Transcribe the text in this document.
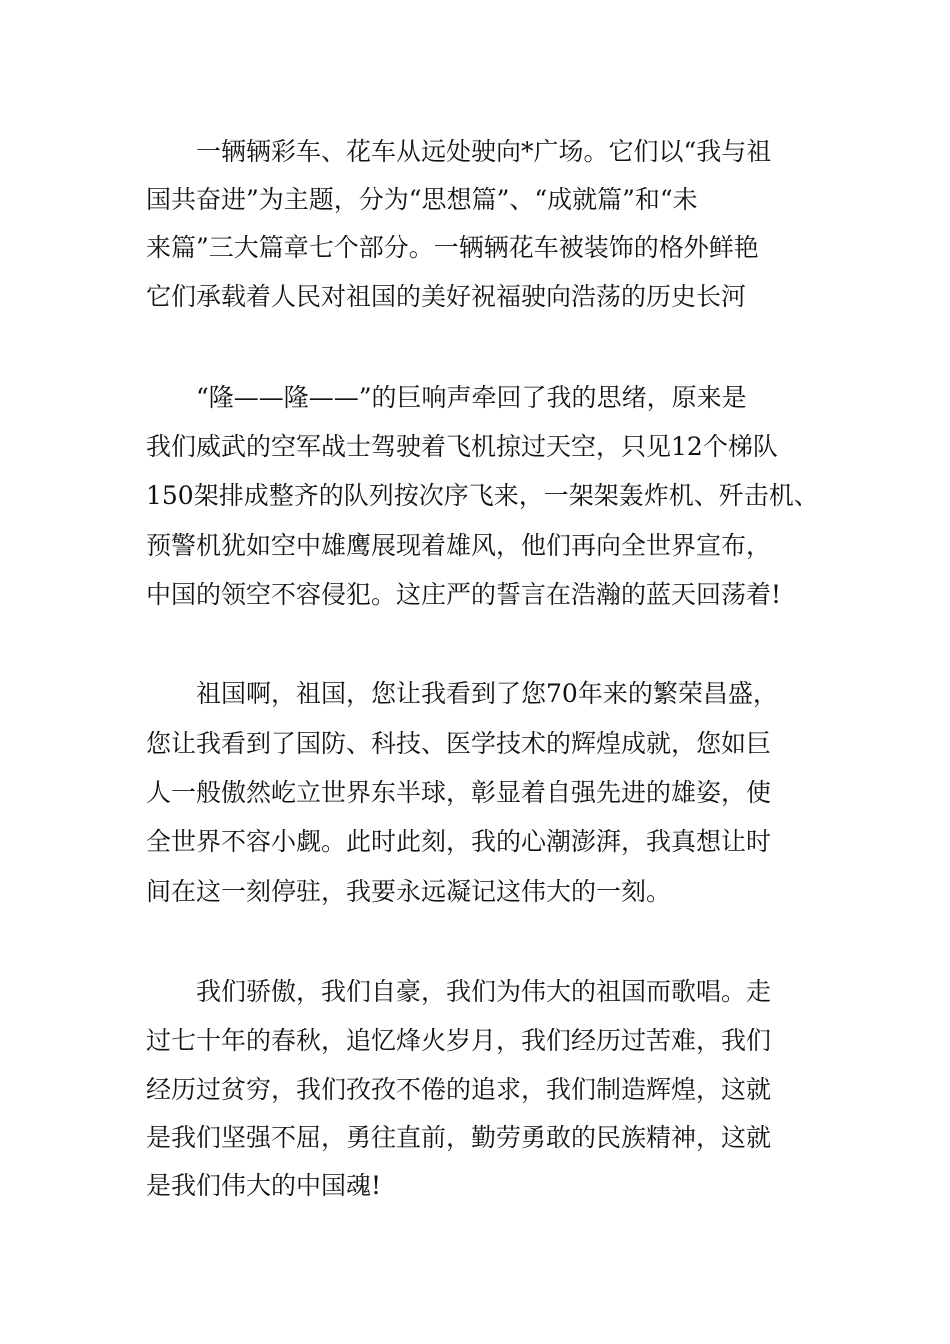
一辆辆彩车、花车从远处驶向*广场。它们以“我与祖

国共奋进”为主题，分为“思想篇”、“成就篇”和“未

来篇”三大篇章七个部分。一辆辆花车被装饰的格外鲜艳

它们承载着人民对祖国的美好祝福驶向浩荡的历史长河

“隆——隆——”的巨响声牵回了我的思绪，原来是

我们威武的空军战士驾驶着飞机掠过天空，只见12个梯队

150架排成整齐的队列按次序飞来，一架架轰炸机、歼击机、

预警机犹如空中雄鹰展现着雄风，他们再向全世界宣布，

中国的领空不容侵犯。这庄严的誓言在浩瀚的蓝天回荡着!

祖国啊，祖国，您让我看到了您70年来的繁荣昌盛，

您让我看到了国防、科技、医学技术的辉煌成就，您如巨

人一般傲然屹立世界东半球，彰显着自强先进的雄姿，使

全世界不容小觑。此时此刻，我的心潮澎湃，我真想让时

间在这一刻停驻，我要永远凝记这伟大的一刻。

我们骄傲，我们自豪，我们为伟大的祖国而歌唱。走

过七十年的春秋，追忆烽火岁月，我们经历过苦难，我们

经历过贫穷，我们孜孜不倦的追求，我们制造辉煌，这就

是我们坚强不屈，勇往直前，勤劳勇敢的民族精神，这就

是我们伟大的中国魂!
